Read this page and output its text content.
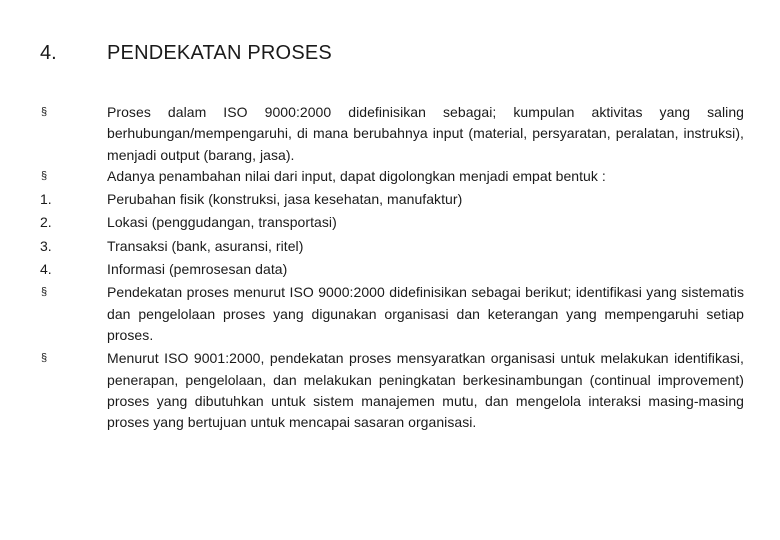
4.	PENDEKATAN PROSES
§	Proses dalam ISO 9000:2000 didefinisikan sebagai; kumpulan aktivitas yang saling berhubungan/mempengaruhi, di mana berubahnya input (material, persyaratan, peralatan, instruksi), menjadi output (barang, jasa).
§	Adanya penambahan nilai dari input, dapat digolongkan menjadi empat bentuk :
1.	Perubahan fisik (konstruksi, jasa kesehatan, manufaktur)
2.	Lokasi (penggudangan, transportasi)
3.	Transaksi (bank, asuransi, ritel)
4.	Informasi (pemrosesan data)
§	Pendekatan proses menurut ISO 9000:2000 didefinisikan sebagai berikut; identifikasi yang sistematis dan pengelolaan proses yang digunakan organisasi dan keterangan yang mempengaruhi setiap proses.
§	Menurut ISO 9001:2000, pendekatan proses mensyaratkan organisasi untuk melakukan identifikasi, penerapan, pengelolaan, dan melakukan peningkatan berkesinambungan (continual improvement) proses yang dibutuhkan untuk sistem manajemen mutu, dan mengelola interaksi masing-masing proses yang bertujuan untuk mencapai sasaran organisasi.
